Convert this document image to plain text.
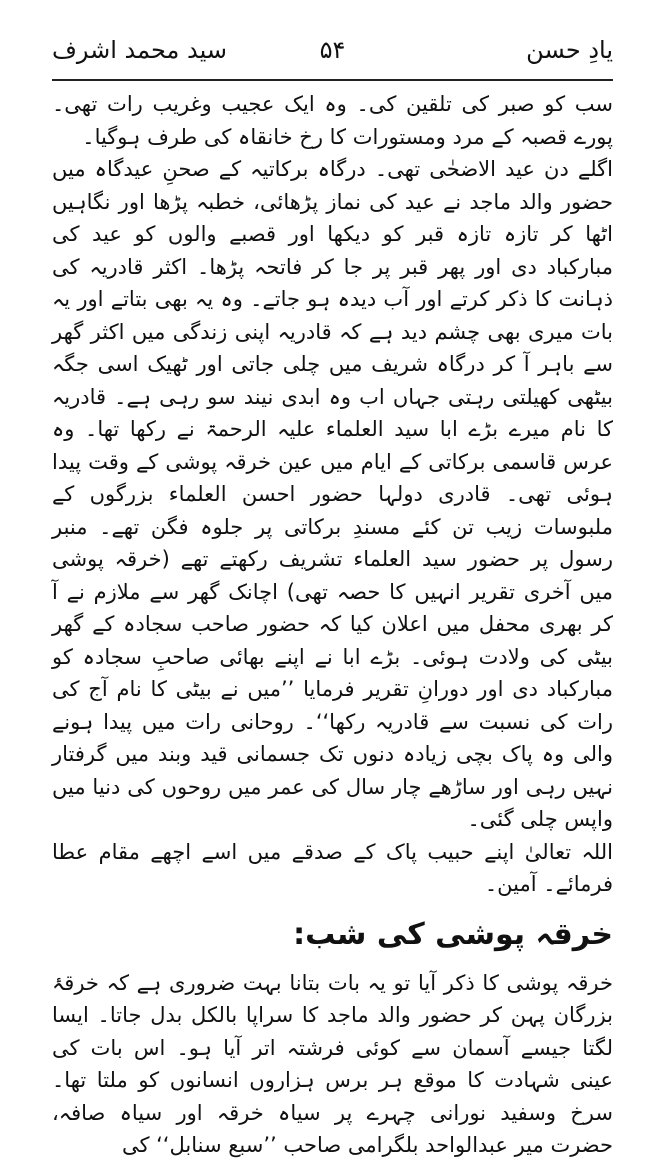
سید محمد اشرف	۵۴	یادِ حسن

سب کو صبر کی تلقین کی۔ وہ ایک عجیب وغریب رات تھی۔ پورے قصبہ کے مرد ومستورات کا رخ خانقاہ کی طرف ہوگیا۔

اگلے دن عید الاضحٰی تھی۔ درگاہ برکاتیہ کے صحنِ عیدگاہ میں حضور والد ماجد نے عید کی نماز پڑھائی، خطبہ پڑھا اور نگاہیں اٹھا کر تازہ تازہ قبر کو دیکھا اور قصبے والوں کو عید کی مبارکباد دی اور پھر قبر پر جا کر فاتحہ پڑھا۔ اکثر قادریہ کی ذہانت کا ذکر کرتے اور آب دیدہ ہو جاتے۔ وہ یہ بھی بتاتے اور یہ بات میری بھی چشم دید ہے کہ قادریہ اپنی زندگی میں اکثر گھر سے باہر آ کر درگاہ شریف میں چلی جاتی اور ٹھیک اسی جگہ بیٹھی کھیلتی رہتی جہاں اب وہ ابدی نیند سو رہی ہے۔ قادریہ کا نام میرے بڑے ابا سید العلماء علیہ الرحمۃ نے رکھا تھا۔ وہ عرس قاسمی برکاتی کے ایام میں عین خرقہ پوشی کے وقت پیدا ہوئی تھی۔ قادری دولہا حضور احسن العلماء بزرگوں کے ملبوسات زیب تن کئے مسندِ برکاتی پر جلوہ فگن تھے۔ منبر رسول پر حضور سید العلماء تشریف رکھتے تھے (خرقہ پوشی میں آخری تقریر انہیں کا حصہ تھی) اچانک گھر سے ملازم نے آ کر بھری محفل میں اعلان کیا کہ حضور صاحب سجادہ کے گھر بیٹی کی ولادت ہوئی۔ بڑے ابا نے اپنے بھائی صاحبِ سجادہ کو مبارکباد دی اور دورانِ تقریر فرمایا ’’میں نے بیٹی کا نام آج کی رات کی نسبت سے قادریہ رکھا‘‘۔ روحانی رات میں پیدا ہونے والی وہ پاک بچی زیادہ دنوں تک جسمانی قید وبند میں گرفتار نہیں رہی اور ساڑھے چار سال کی عمر میں روحوں کی دنیا میں واپس چلی گئی۔

اللہ تعالیٰ اپنے حبیب پاک کے صدقے میں اسے اچھے مقام عطا فرمائے۔ آمین۔

خرقہ پوشی کی شب:

خرقہ پوشی کا ذکر آیا تو یہ بات بتانا بہت ضروری ہے کہ خرقۂ بزرگان پہن کر حضور والد ماجد کا سراپا بالکل بدل جاتا۔ ایسا لگتا جیسے آسمان سے کوئی فرشتہ اتر آیا ہو۔ اس بات کی عینی شہادت کا موقع ہر برس ہزاروں انسانوں کو ملتا تھا۔ سرخ وسفید نورانی چہرے پر سیاہ خرقہ اور سیاہ صافہ، حضرت میر عبدالواحد بلگرامی صاحب ’’سبع سنابل‘‘ کی
